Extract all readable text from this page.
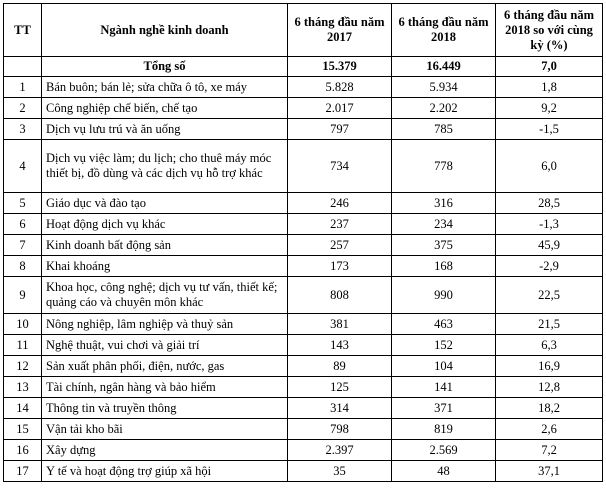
TT	Ngành nghề kinh doanh	6 tháng đầu năm 2017	6 tháng đầu năm 2018	6 tháng đầu năm 2018 so với cùng kỳ (%)
	Tổng số	15.379	16.449	7,0
1	Bán buôn; bán lẻ; sửa chữa ô tô, xe máy	5.828	5.934	1,8
2	Công nghiệp chế biến, chế tạo	2.017	2.202	9,2
3	Dịch vụ lưu trú và ăn uống	797	785	-1,5
4	Dịch vụ việc làm; du lịch; cho thuê máy móc thiết bị, đồ dùng và các dịch vụ hỗ trợ khác	734	778	6,0
5	Giáo dục và đào tạo	246	316	28,5
6	Hoạt động dịch vụ khác	237	234	-1,3
7	Kinh doanh bất động sản	257	375	45,9
8	Khai khoáng	173	168	-2,9
9	Khoa học, công nghệ; dịch vụ tư vấn, thiết kế; quảng cáo và chuyên môn khác	808	990	22,5
10	Nông nghiệp, lâm nghiệp và thuỷ sản	381	463	21,5
11	Nghệ thuật, vui chơi và giải trí	143	152	6,3
12	Sản xuất phân phối, điện, nước, gas	89	104	16,9
13	Tài chính, ngân hàng và bảo hiểm	125	141	12,8
14	Thông tin và truyền thông	314	371	18,2
15	Vận tải kho bãi	798	819	2,6
16	Xây dựng	2.397	2.569	7,2
17	Y tế và hoạt động trợ giúp xã hội	35	48	37,1
